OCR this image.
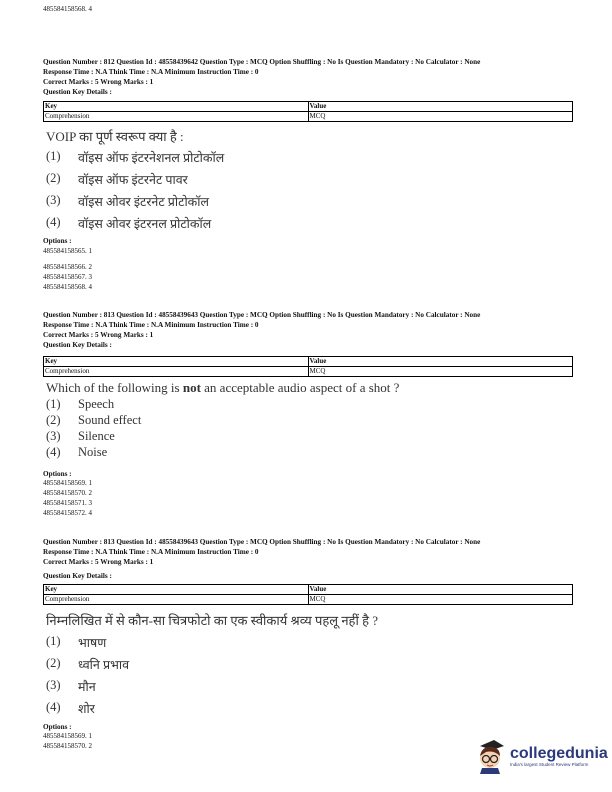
485584158568. 4
Question Number : 812 Question Id : 48558439642 Question Type : MCQ Option Shuffling : No Is Question Mandatory : No Calculator : None
Response Time : N.A Think Time : N.A Minimum Instruction Time : 0
Correct Marks : 5 Wrong Marks : 1
Question Key Details :
Key	Value
Comprehension	MCQ
VOIP का पूर्ण स्वरूप क्या है :
(1)	वॉइस ऑफ इंटरनेशनल प्रोटोकॉल
(2)	वॉइस ऑफ इंटरनेट पावर
(3)	वॉइस ओवर इंटरनेट प्रोटोकॉल
(4)	वॉइस ओवर इंटरनल प्रोटोकॉल
Options :
485584158565. 1
485584158566. 2
485584158567. 3
485584158568. 4
Question Number : 813 Question Id : 48558439643 Question Type : MCQ Option Shuffling : No Is Question Mandatory : No Calculator : None
Response Time : N.A Think Time : N.A Minimum Instruction Time : 0
Correct Marks : 5 Wrong Marks : 1
Question Key Details :
Key	Value
Comprehension	MCQ
Which of the following is not an acceptable audio aspect of a shot ?
(1)	Speech
(2)	Sound effect
(3)	Silence
(4)	Noise
Options :
485584158569. 1
485584158570. 2
485584158571. 3
485584158572. 4
Question Number : 813 Question Id : 48558439643 Question Type : MCQ Option Shuffling : No Is Question Mandatory : No Calculator : None
Response Time : N.A Think Time : N.A Minimum Instruction Time : 0
Correct Marks : 5 Wrong Marks : 1
Question Key Details :
Key	Value
Comprehension	MCQ
निम्नलिखित में से कौन-सा चित्रफोटो का एक स्वीकार्य श्रव्य पहलू नहीं है ?
(1)	भाषण
(2)	ध्वनि प्रभाव
(3)	मौन
(4)	शोर
Options :
485584158569. 1
485584158570. 2	collegedunia
India's largest Student Review Platform
